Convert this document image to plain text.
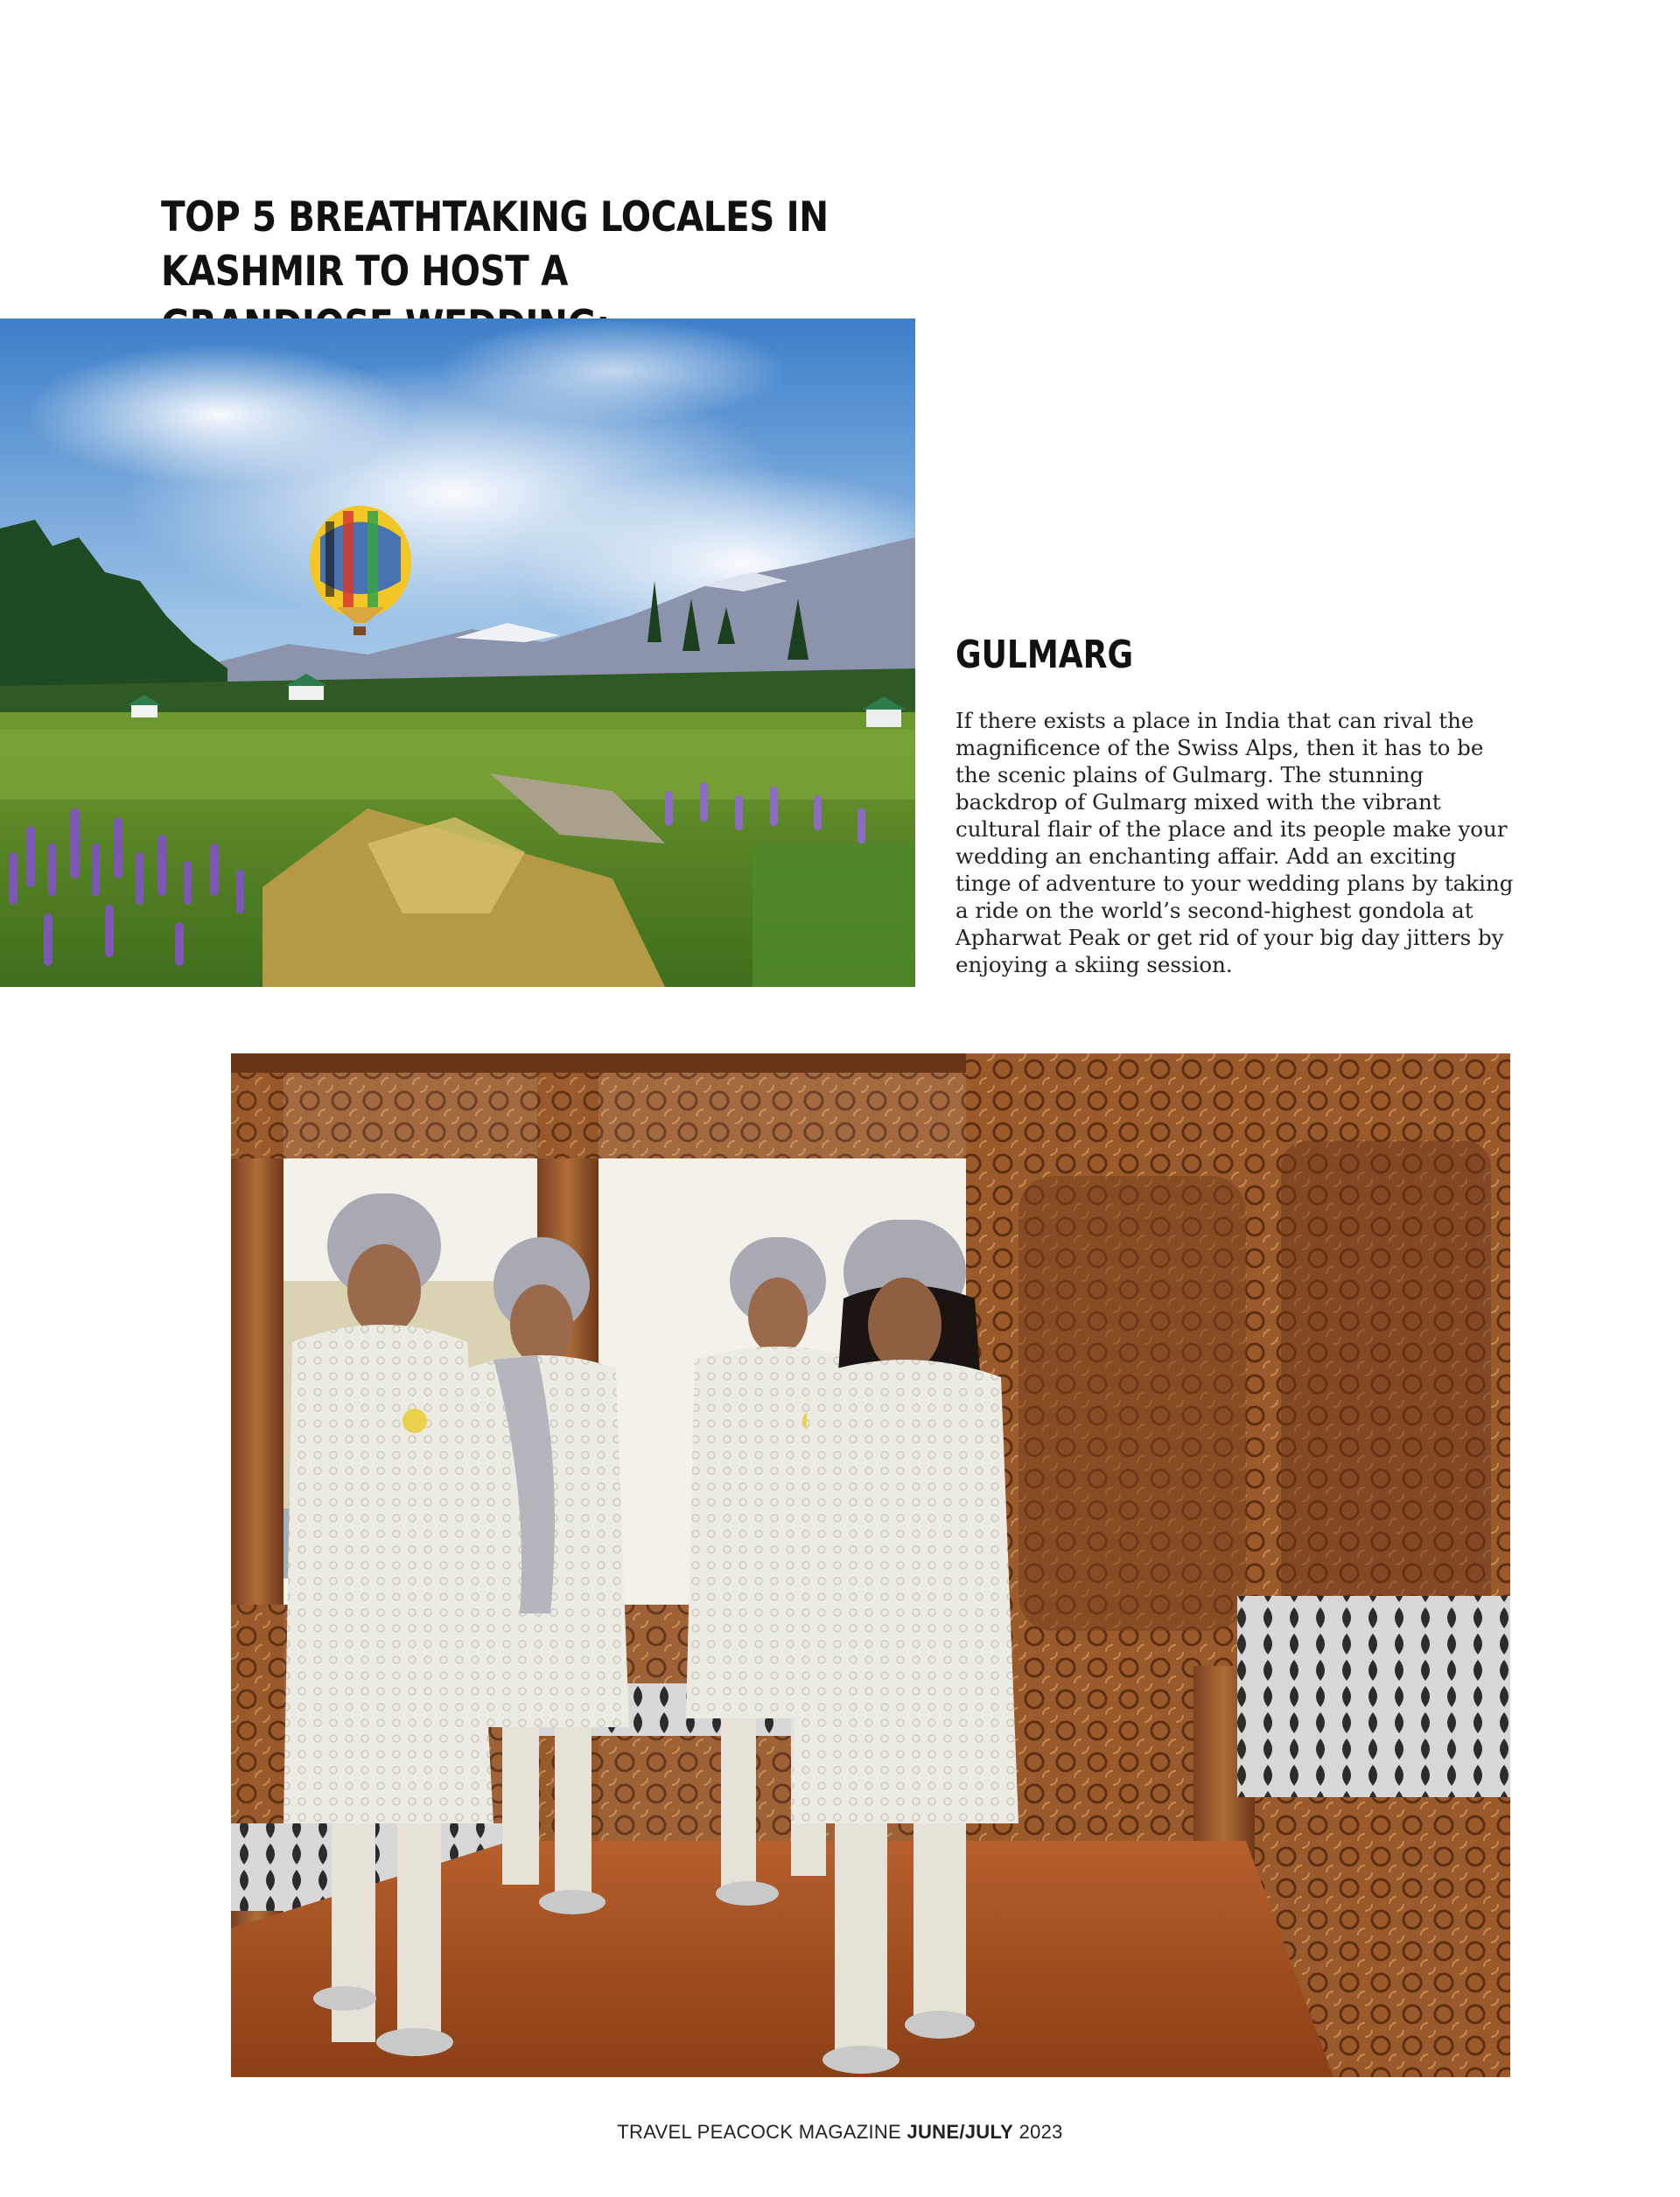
TOP 5 BREATHTAKING LOCALES IN KASHMIR TO HOST A

GULMARG

If there exists a place in India that can rival the magnificence of the Swiss Alps, then it has to be the scenic plains of Gulmarg. The stunning backdrop of Gulmarg mixed with the vibrant cultural flair of the place and its people make your wedding an enchanting affair. Add an exciting tinge of adventure to your wedding plans by taking a ride on the world’s second-highest gondola at Apharwat Peak or get rid of your big day jitters by enjoying a skiing session.

TRAVEL PEACOCK MAGAZINE JUNE/JULY 2023
